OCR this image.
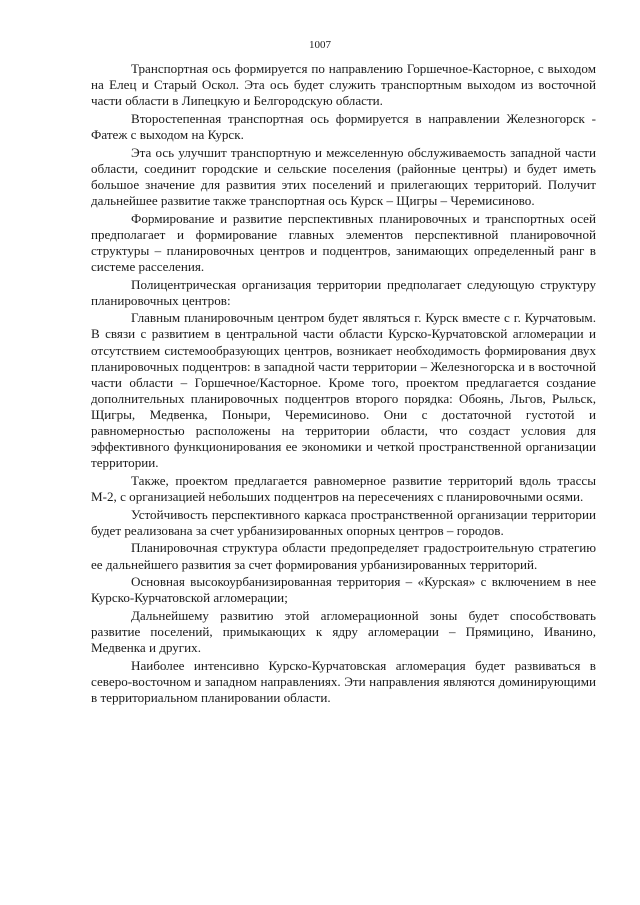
1007

Транспортная ось формируется по направлению Горшечное-Касторное, с выходом на Елец и Старый Оскол. Эта ось будет служить транспортным выходом из восточной части области в Липецкую и Белгородскую области.

Второстепенная транспортная ось формируется в направлении Железногорск - Фатеж с выходом на Курск.

Эта ось улучшит транспортную и межселенную обслуживаемость западной части области, соединит городские и сельские поселения (районные центры) и будет иметь большое значение для развития этих поселений и прилегающих территорий. Получит дальнейшее развитие также транспортная ось Курск – Щигры – Черемисиново.

Формирование и развитие перспективных планировочных и транспортных осей предполагает и формирование главных элементов перспективной планировочной структуры – планировочных центров и подцентров, занимающих определенный ранг в системе расселения.

Полицентрическая организация территории предполагает следующую структуру планировочных центров:

Главным планировочным центром будет являться г. Курск вместе с г. Курчатовым. В связи с развитием в центральной части области Курско-Курчатовской агломерации и отсутствием системообразующих центров, возникает необходимость формирования двух планировочных подцентров: в западной части территории – Железногорска и в восточной части области – Горшечное/Касторное. Кроме того, проектом предлагается создание дополнительных планировочных подцентров второго порядка: Обоянь, Льгов, Рыльск, Щигры, Медвенка, Поныри, Черемисиново. Они с достаточной густотой и равномерностью расположены на территории области, что создаст условия для эффективного функционирования ее экономики и четкой пространственной организации территории.

Также, проектом предлагается равномерное развитие территорий вдоль трассы М-2, с организацией небольших подцентров на пересечениях с планировочными осями.

Устойчивость перспективного каркаса пространственной организации территории будет реализована за счет урбанизированных опорных центров – городов.

Планировочная структура области предопределяет градостроительную стратегию ее дальнейшего развития за счет формирования урбанизированных территорий.

Основная высокоурбанизированная территория – «Курская» с включением в нее Курско-Курчатовской агломерации;

Дальнейшему развитию этой агломерационной зоны будет способствовать развитие поселений, примыкающих к ядру агломерации – Прямицино, Иванино, Медвенка и других.

Наиболее интенсивно Курско-Курчатовская агломерация будет развиваться в северо-восточном и западном направлениях. Эти направления являются доминирующими в территориальном планировании области.
